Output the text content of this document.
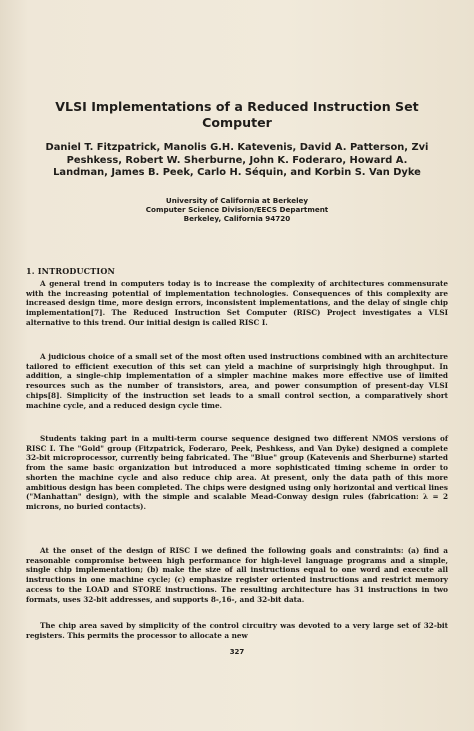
VLSI Implementations of a Reduced Instruction Set Computer

Daniel T. Fitzpatrick, Manolis G.H. Katevenis, David A. Patterson, Zvi Peshkess, Robert W. Sherburne, John K. Foderaro, Howard A. Landman, James B. Peek, Carlo H. Séquin, and Korbin S. Van Dyke

University of California at Berkeley
Computer Science Division/EECS Department
Berkeley, California 94720
1. INTRODUCTION

A general trend in computers today is to increase the complexity of architectures commensurate with the increasing potential of implementation technologies. Consequences of this complexity are increased design time, more design errors, inconsistent implementations, and the delay of single chip implementation[7]. The Reduced Instruction Set Computer (RISC) Project investigates a VLSI alternative to this trend. Our initial design is called RISC I.

A judicious choice of a small set of the most often used instructions combined with an architecture tailored to efficient execution of this set can yield a machine of surprisingly high throughput. In addition, a single-chip implementation of a simpler machine makes more effective use of limited resources such as the number of transistors, area, and power consumption of present-day VLSI chips[8]. Simplicity of the instruction set leads to a small control section, a comparatively short machine cycle, and a reduced design cycle time.

Students taking part in a multi-term course sequence designed two different NMOS versions of RISC I. The "Gold" group (Fitzpatrick, Foderaro, Peek, Peshkess, and Van Dyke) designed a complete 32-bit microprocessor, currently being fabricated. The "Blue" group (Katevenis and Sherburne) started from the same basic organization but introduced a more sophisticated timing scheme in order to shorten the machine cycle and also reduce chip area. At present, only the data path of this more ambitious design has been completed. The chips were designed using only horizontal and vertical lines ("Manhattan" design), with the simple and scalable Mead-Conway design rules (fabrication: λ = 2 microns, no buried contacts).

At the onset of the design of RISC I we defined the following goals and constraints: (a) find a reasonable compromise between high performance for high-level language programs and a simple, single chip implementation; (b) make the size of all instructions equal to one word and execute all instructions in one machine cycle; (c) emphasize register oriented instructions and restrict memory access to the LOAD and STORE instructions. The resulting architecture has 31 instructions in two formats, uses 32-bit addresses, and supports 8-,16-, and 32-bit data.

The chip area saved by simplicity of the control circuitry was devoted to a very large set of 32-bit registers. This permits the processor to allocate a new

327
